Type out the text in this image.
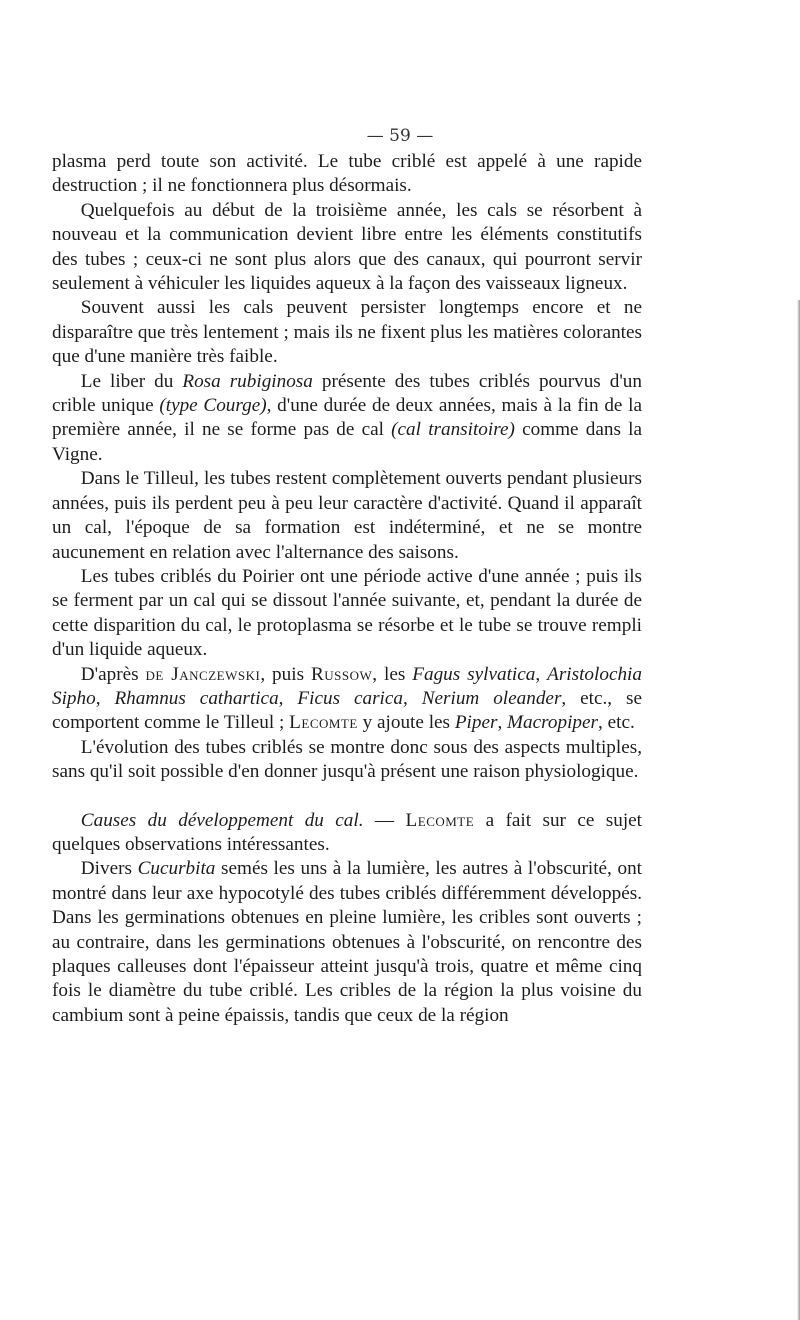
— 59 —

plasma perd toute son activité. Le tube criblé est appelé à une rapide destruction ; il ne fonctionnera plus désormais.

Quelquefois au début de la troisième année, les cals se résorbent à nouveau et la communication devient libre entre les éléments constitutifs des tubes ; ceux-ci ne sont plus alors que des canaux, qui pourront servir seulement à véhiculer les liquides aqueux à la façon des vaisseaux ligneux.

Souvent aussi les cals peuvent persister longtemps encore et ne disparaître que très lentement ; mais ils ne fixent plus les matières colorantes que d'une manière très faible.

Le liber du Rosa rubiginosa présente des tubes criblés pourvus d'un crible unique (type Courge), d'une durée de deux années, mais à la fin de la première année, il ne se forme pas de cal (cal transitoire) comme dans la Vigne.

Dans le Tilleul, les tubes restent complètement ouverts pendant plusieurs années, puis ils perdent peu à peu leur caractère d'activité. Quand il apparaît un cal, l'époque de sa formation est indéterminé, et ne se montre aucunement en relation avec l'alternance des saisons.

Les tubes criblés du Poirier ont une période active d'une année ; puis ils se ferment par un cal qui se dissout l'année suivante, et, pendant la durée de cette disparition du cal, le protoplasma se résorbe et le tube se trouve rempli d'un liquide aqueux.

D'après de Janczewski, puis Russow, les Fagus sylvatica, Aristolochia Sipho, Rhamnus cathartica, Ficus carica, Nerium oleander, etc., se comportent comme le Tilleul ; Lecomte y ajoute les Piper, Macropiper, etc.

L'évolution des tubes criblés se montre donc sous des aspects multiples, sans qu'il soit possible d'en donner jusqu'à présent une raison physiologique.

Causes du développement du cal. — Lecomte a fait sur ce sujet quelques observations intéressantes.

Divers Cucurbita semés les uns à la lumière, les autres à l'obscurité, ont montré dans leur axe hypocotylé des tubes criblés différemment développés. Dans les germinations obtenues en pleine lumière, les cribles sont ouverts ; au contraire, dans les germinations obtenues à l'obscurité, on rencontre des plaques calleuses dont l'épaisseur atteint jusqu'à trois, quatre et même cinq fois le diamètre du tube criblé. Les cribles de la région la plus voisine du cambium sont à peine épaissis, tandis que ceux de la région
